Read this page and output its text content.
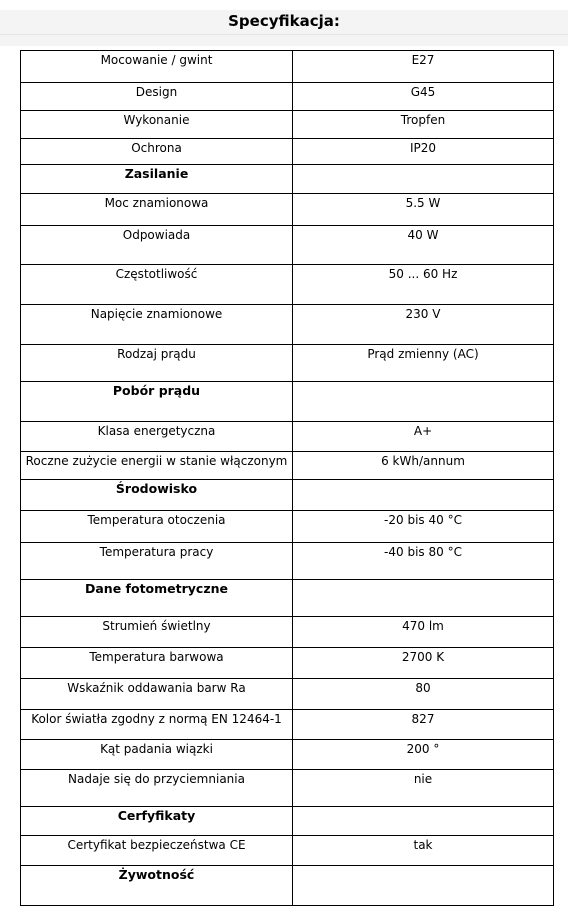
Specyfikacja:
Mocowanie / gwint	E27

Design	G45

Wykonanie	Tropfen

Ochrona	IP20

Zasilanie	

Moc znamionowa	5.5 W

Odpowiada	40 W

Częstotliwość	50 ... 60 Hz

Napięcie znamionowe	230 V

Rodzaj prądu	Prąd zmienny (AC)

Pobór prądu	

Klasa energetyczna	A+

Roczne zużycie energii w stanie włączonym	6 kWh/annum

Środowisko	

Temperatura otoczenia	-20 bis 40 °C

Temperatura pracy	-40 bis 80 °C

Dane fotometryczne	

Strumień świetlny	470 lm

Temperatura barwowa	2700 K

Wskaźnik oddawania barw Ra	80

Kolor światła zgodny z normą EN 12464-1	827

Kąt padania wiązki	200 °

Nadaje się do przyciemniania	nie

Cerfyfikaty	

Certyfikat bezpieczeństwa CE	tak

Żywotność	
